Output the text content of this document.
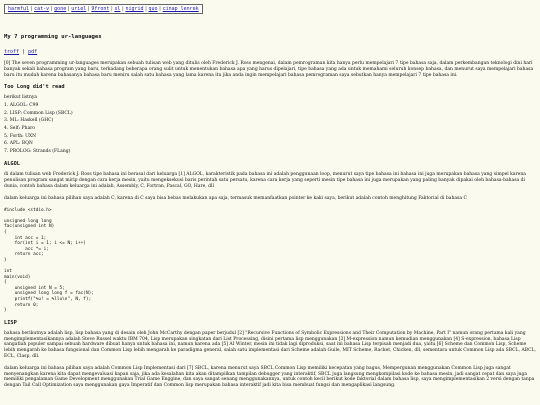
harmful|cat-v|gone|uriel|9front|sl|nigrid|quo|cinap_lenrek
My 7 programming ur-languages
troff | pdf

[0] The seven programming ur-languages merupakan sebuah tulisan web yang ditulis oleh Frederick J. Ross mengenai, dalam pemrograman kita hanya perlu mempelajari 7 tipe bahasa saja, dalam perkembangan teknologi dini hari banyak sekali bahasa program yang baru, terkadang beberapa orang sulit untuk menentukan bahasa apa yang harus dipelajari, tipe bahasa yang ada untuk memahami seluruh konsep bahasa, dan menurut saya mempelajari bahasa baru itu mudah karena bahasanya bahasa baru meniru salah satu bahasa yang lama karena itu jika anda ingin mempelajari bahasa pemrograman saya sebutkan hanya mempelajari 7 tipe bahasa ini.

Too Long did't read

berikut listnya

1. ALGOL: C99
2. LISP: Common Lisp (SBCL)
3. ML: Haskell (GHC)
4. Self: Pharo
5. Forth: UXN
6. APL: BQN
7. PROLOG: Strands (FLang)
ALGOL

di dalam tulisan web Frederick J. Ross tipe bahasa ini berasal dari keluarga [1] ALGOL, karakteristik pada bahasa ini adalah penggunaan loop, menurut saya tipe bahasa ini bahasa ini juga merupakan bahasa yang simpel karena penulisan program sangat mirip dengan cara kerja mesin, yaitu mengeksekusi baris perintah satu persatu, karena cara kerja yang seperti mesin tipe bahasa ini juga merupakan yang paling banyak dipakai oleh bahasa-bahasa di dunia, contoh bahasa dalam keluarga ini adalah, Assembly, C, Fortran, Pascal, GO, Hare, dll

dalam keluarga ini bahasa pilihan saya adalah C, karena di C saya bisa bebas melakukan apa saja, termasuk memanfaatkan pointer ke kaki saya, berikut adalah contoh menghitung Faktorial di bahasa C

#include <stdio.h>

unsigned long long
fac(unsigned int N)
{
int acc = 1;
for(int i = 1; i <= N; i++)
acc *= i;
return acc;
}

int
main(void)
{
unsigned int N = 5;
unsigned long long f = fac(N);
printf("%u! = %llu\n", N, f);
return 0;
}
LISP

bahasa berikutnya adalah lisp, lisp bahasa yang di desain oleh John McCarthy dengan paper berjudul [2] "Recursive Functions of Symbolic Expressions and Their Computation by Machine, Part I" namun orang pertama kali yang mengimplementasikannya adalah Steve Russel waktu IBM 704, Lisp merupakan singkatan dari List Processing, disini pertama lisp menggunakan [3] M-expression namun kemudian menggunakan [4] S-expression, bahasa Lisp sangatlah populer sampai sebuah hardware dibuat hanya untuk bahasa ini, namun karena ada [5] AI Winter, mesin ini tidak lagi diproduksi, saat ini bahasa Lisp terpisah menjadi dua, yaitu [6] Scheme dan Common Lisp, Scheme lebih mengarah ke bahasa fungsional dan Common Lisp lebih mengarah ke paradigma general, salah satu implementasi dari Scheme adalah Guile, MIT Scheme, Racket, Chicken, dll, sementara untuk Common Lisp ada SBCL, ABCL, ECL, Clasp, dll.

dalam keluarga ini bahasa pilihan saya adalah Common Lisp Implementasi dari [7] SBCL, karena menurut saya SBCL Common Lisp memiliki kecepatan yang bagus, Mempergunan menggunakan Common Lisp juga sangat menyenangkan karena kita dapat mengevaluasi kapan saja, jika ada kesalahan kita akan ditampilkan tampilan debugger yang interaktif, SBCL juga langsung mengkompilasi kode ke bahasa mesin, jadi sangat cepat dan saya juga memiliki pengalaman Game Development menggunakan Trial Game Enggine, dan saya sangat senang menggunakannya, untuk contoh kecil berikut kode faktorial dalam bahasa lisp, saya mengimplementasikan 2 versi dengan tanpa dengan Tail Call Optimization saya menggunakan gaya Imperatif dan Common lisp merupakan bahasa interaktif jadi kita bisa membuat fungsi dan mengaplikasi langsung.
